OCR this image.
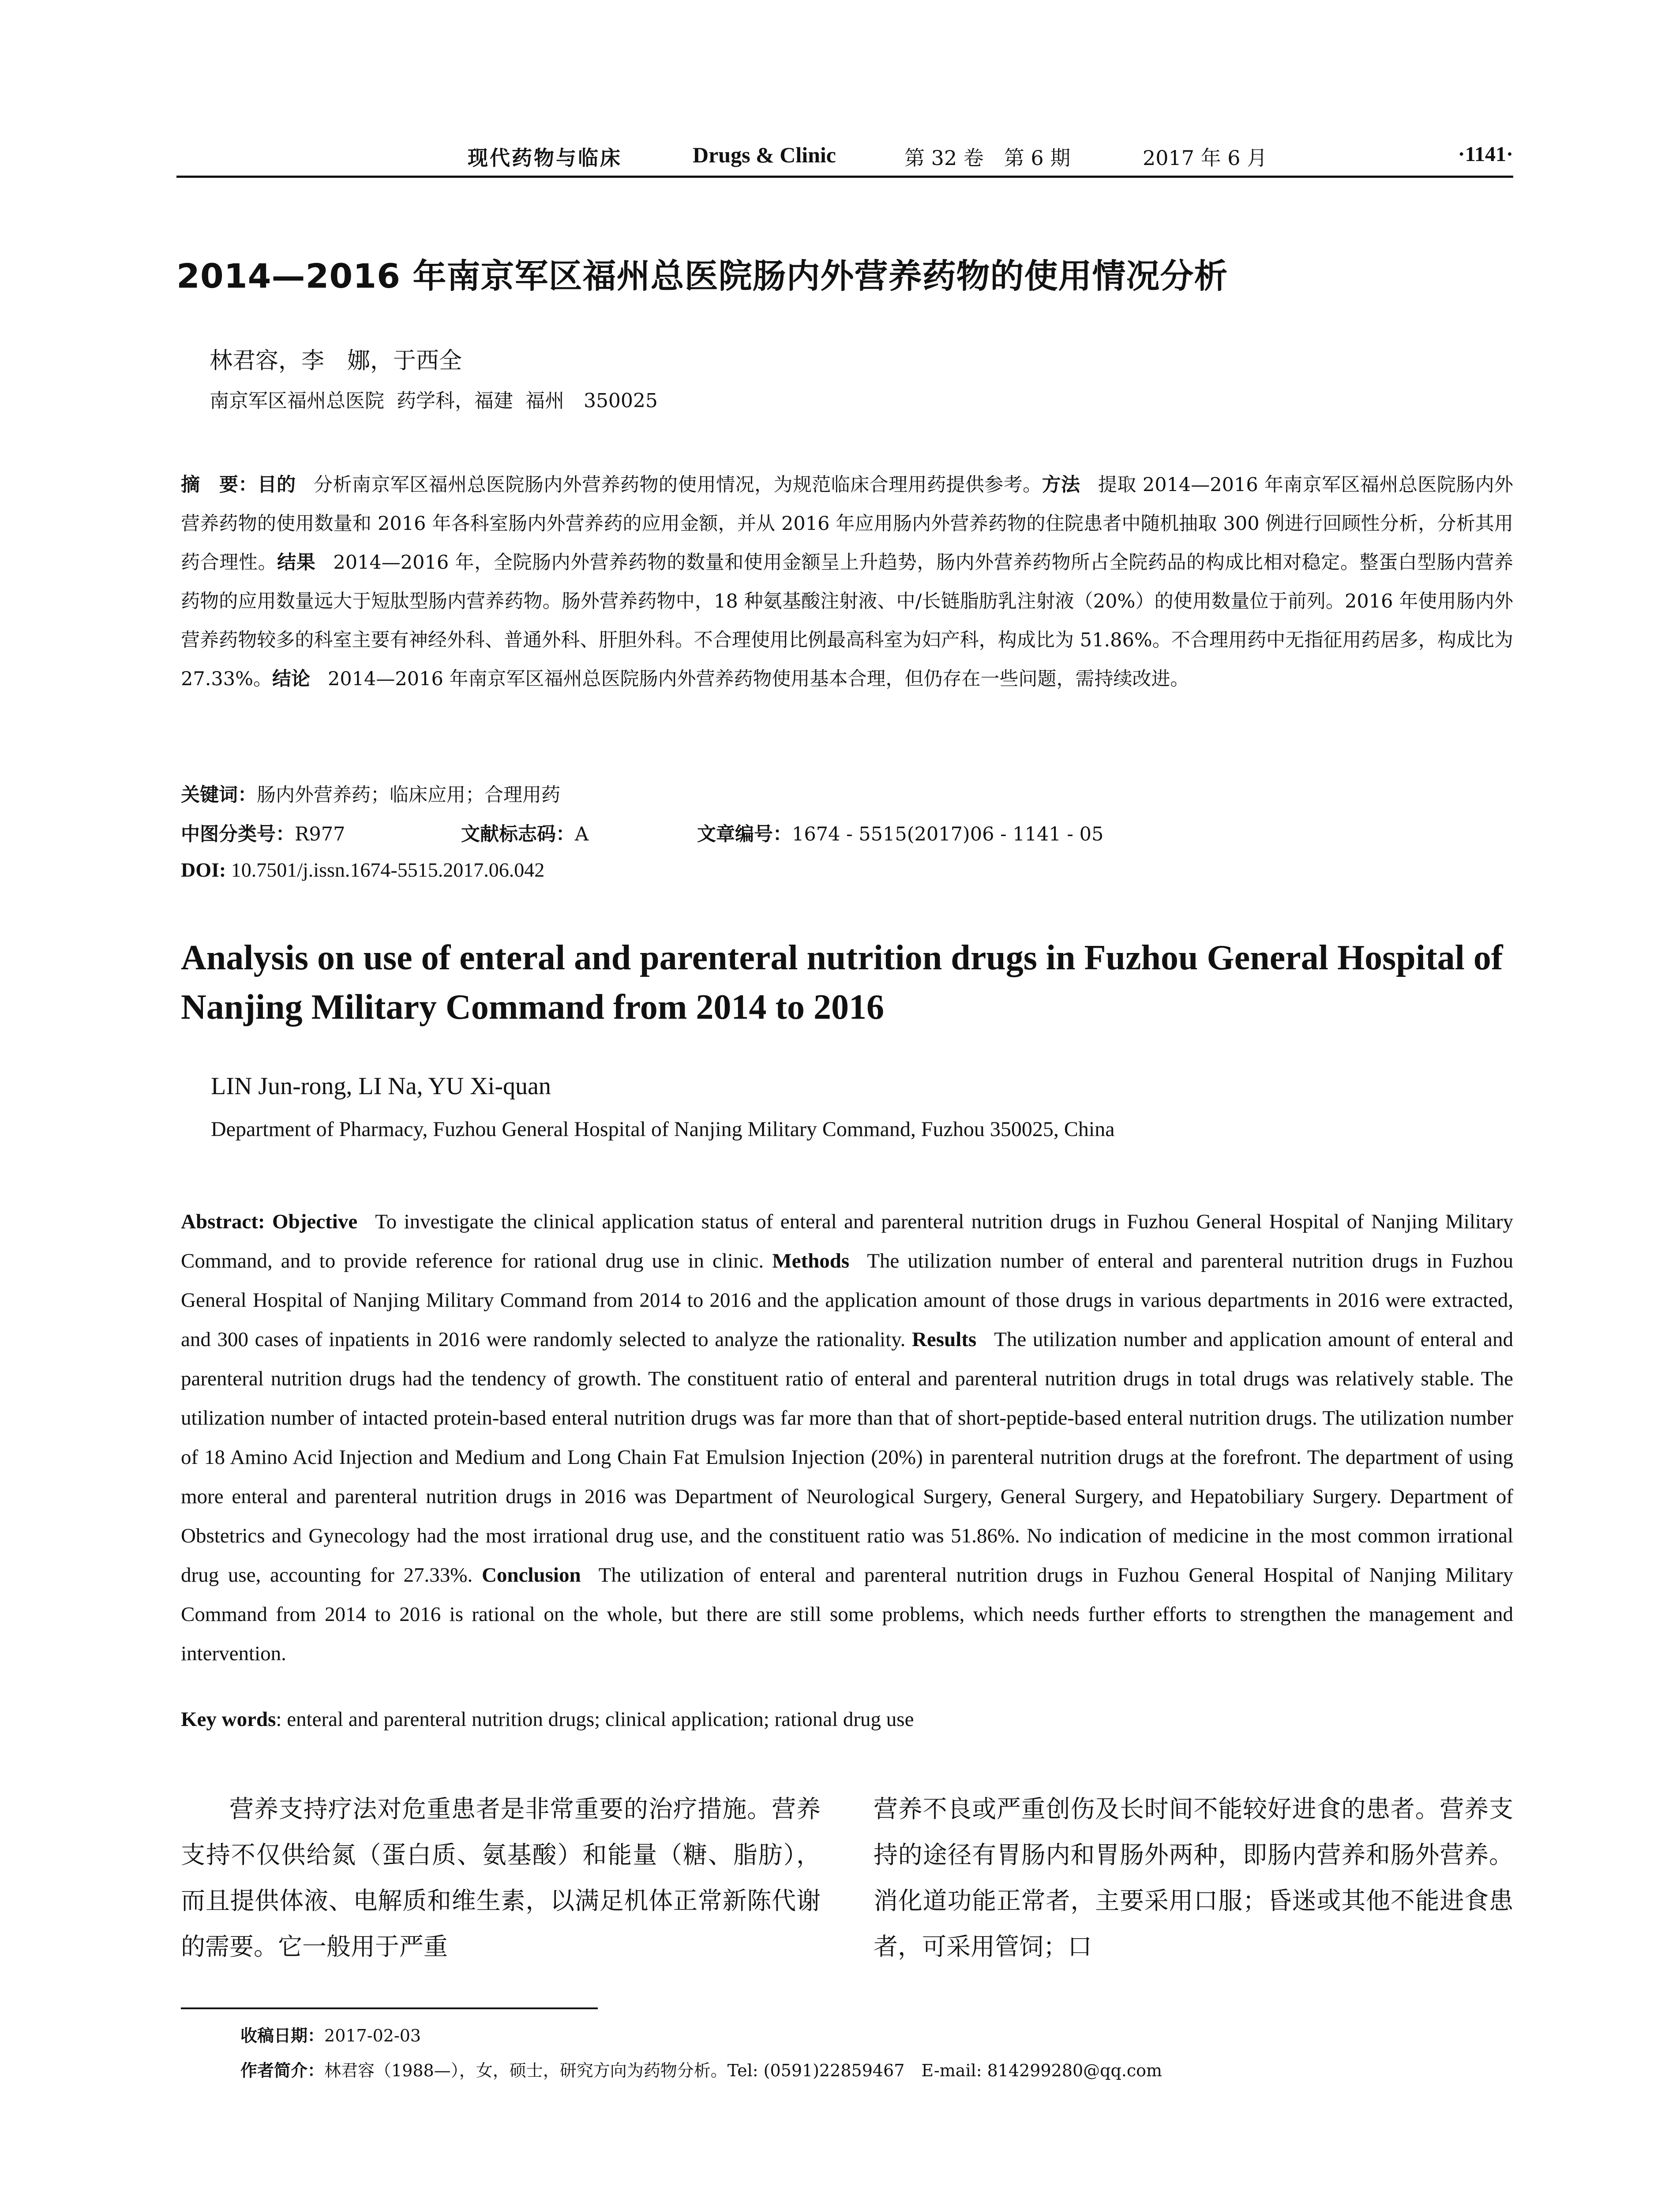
现代药物与临床	Drugs & Clinic	第 32 卷　第 6 期	2017 年 6 月	·1141·
2014—2016 年南京军区福州总医院肠内外营养药物的使用情况分析
林君容，李　娜，于西全
南京军区福州总医院  药学科，福建  福州　350025
摘　要：目的 分析南京军区福州总医院肠内外营养药物的使用情况，为规范临床合理用药提供参考。方法 提取 2014—2016 年南京军区福州总医院肠内外营养药物的使用数量和 2016 年各科室肠内外营养药的应用金额，并从 2016 年应用肠内外营养药物的住院患者中随机抽取 300 例进行回顾性分析，分析其用药合理性。结果 2014—2016 年，全院肠内外营养药物的数量和使用金额呈上升趋势，肠内外营养药物所占全院药品的构成比相对稳定。整蛋白型肠内营养药物的应用数量远大于短肽型肠内营养药物。肠外营养药物中，18 种氨基酸注射液、中/长链脂肪乳注射液（20%）的使用数量位于前列。2016 年使用肠内外营养药物较多的科室主要有神经外科、普通外科、肝胆外科。不合理使用比例最高科室为妇产科，构成比为 51.86%。不合理用药中无指征用药居多，构成比为 27.33%。结论 2014—2016 年南京军区福州总医院肠内外营养药物使用基本合理，但仍存在一些问题，需持续改进。
关键词：肠内外营养药；临床应用；合理用药
中图分类号：R977	文献标志码：A	文章编号：1674 - 5515(2017)06 - 1141 - 05
DOI: 10.7501/j.issn.1674-5515.2017.06.042
Analysis on use of enteral and parenteral nutrition drugs in Fuzhou General Hospital of Nanjing Military Command from 2014 to 2016
LIN Jun-rong, LI Na, YU Xi-quan
Department of Pharmacy, Fuzhou General Hospital of Nanjing Military Command, Fuzhou 350025, China
Abstract: Objective To investigate the clinical application status of enteral and parenteral nutrition drugs in Fuzhou General Hospital of Nanjing Military Command, and to provide reference for rational drug use in clinic. Methods The utilization number of enteral and parenteral nutrition drugs in Fuzhou General Hospital of Nanjing Military Command from 2014 to 2016 and the application amount of those drugs in various departments in 2016 were extracted, and 300 cases of inpatients in 2016 were randomly selected to analyze the rationality. Results The utilization number and application amount of enteral and parenteral nutrition drugs had the tendency of growth. The constituent ratio of enteral and parenteral nutrition drugs in total drugs was relatively stable. The utilization number of intacted protein-based enteral nutrition drugs was far more than that of short-peptide-based enteral nutrition drugs. The utilization number of 18 Amino Acid Injection and Medium and Long Chain Fat Emulsion Injection (20%) in parenteral nutrition drugs at the forefront. The department of using more enteral and parenteral nutrition drugs in 2016 was Department of Neurological Surgery, General Surgery, and Hepatobiliary Surgery. Department of Obstetrics and Gynecology had the most irrational drug use, and the constituent ratio was 51.86%. No indication of medicine in the most common irrational drug use, accounting for 27.33%. Conclusion The utilization of enteral and parenteral nutrition drugs in Fuzhou General Hospital of Nanjing Military Command from 2014 to 2016 is rational on the whole, but there are still some problems, which needs further efforts to strengthen the management and intervention.
Key words: enteral and parenteral nutrition drugs; clinical application; rational drug use
营养支持疗法对危重患者是非常重要的治疗措施。营养支持不仅供给氮（蛋白质、氨基酸）和能量（糖、脂肪），而且提供体液、电解质和维生素，以满足机体正常新陈代谢的需要。它一般用于严重
营养不良或严重创伤及长时间不能较好进食的患者。营养支持的途径有胃肠内和胃肠外两种，即肠内营养和肠外营养。消化道功能正常者，主要采用口服；昏迷或其他不能进食患者，可采用管饲；口
收稿日期：2017-02-03
作者简介：林君容（1988—），女，硕士，研究方向为药物分析。Tel: (0591)22859467　E-mail: 814299280@qq.com
